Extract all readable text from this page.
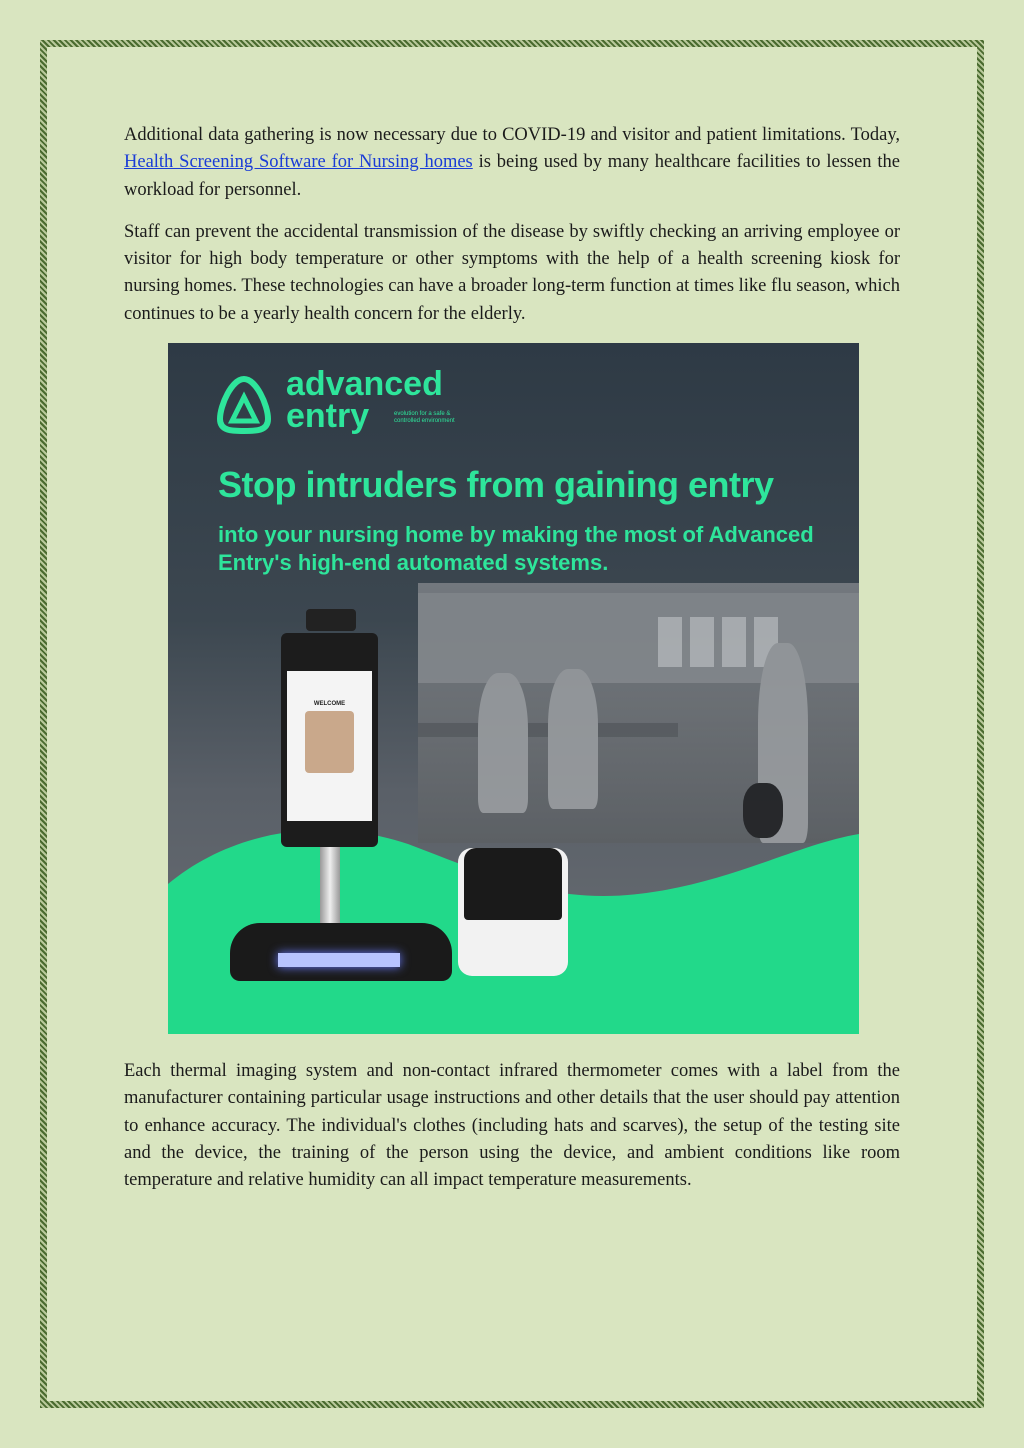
Additional data gathering is now necessary due to COVID-19 and visitor and patient limitations. Today, Health Screening Software for Nursing homes is being used by many healthcare facilities to lessen the workload for personnel.

Staff can prevent the accidental transmission of the disease by swiftly checking an arriving employee or visitor for high body temperature or other symptoms with the help of a health screening kiosk for nursing homes. These technologies can have a broader long-term function at times like flu season, which continues to be a yearly health concern for the elderly.

advanced
entry	evolution for a safe & controlled environment
Stop intruders from gaining entry
into your nursing home by making the most of Advanced Entry's high-end automated systems.
WELCOME

Each thermal imaging system and non-contact infrared thermometer comes with a label from the manufacturer containing particular usage instructions and other details that the user should pay attention to enhance accuracy. The individual's clothes (including hats and scarves), the setup of the testing site and the device, the training of the person using the device, and ambient conditions like room temperature and relative humidity can all impact temperature measurements.
